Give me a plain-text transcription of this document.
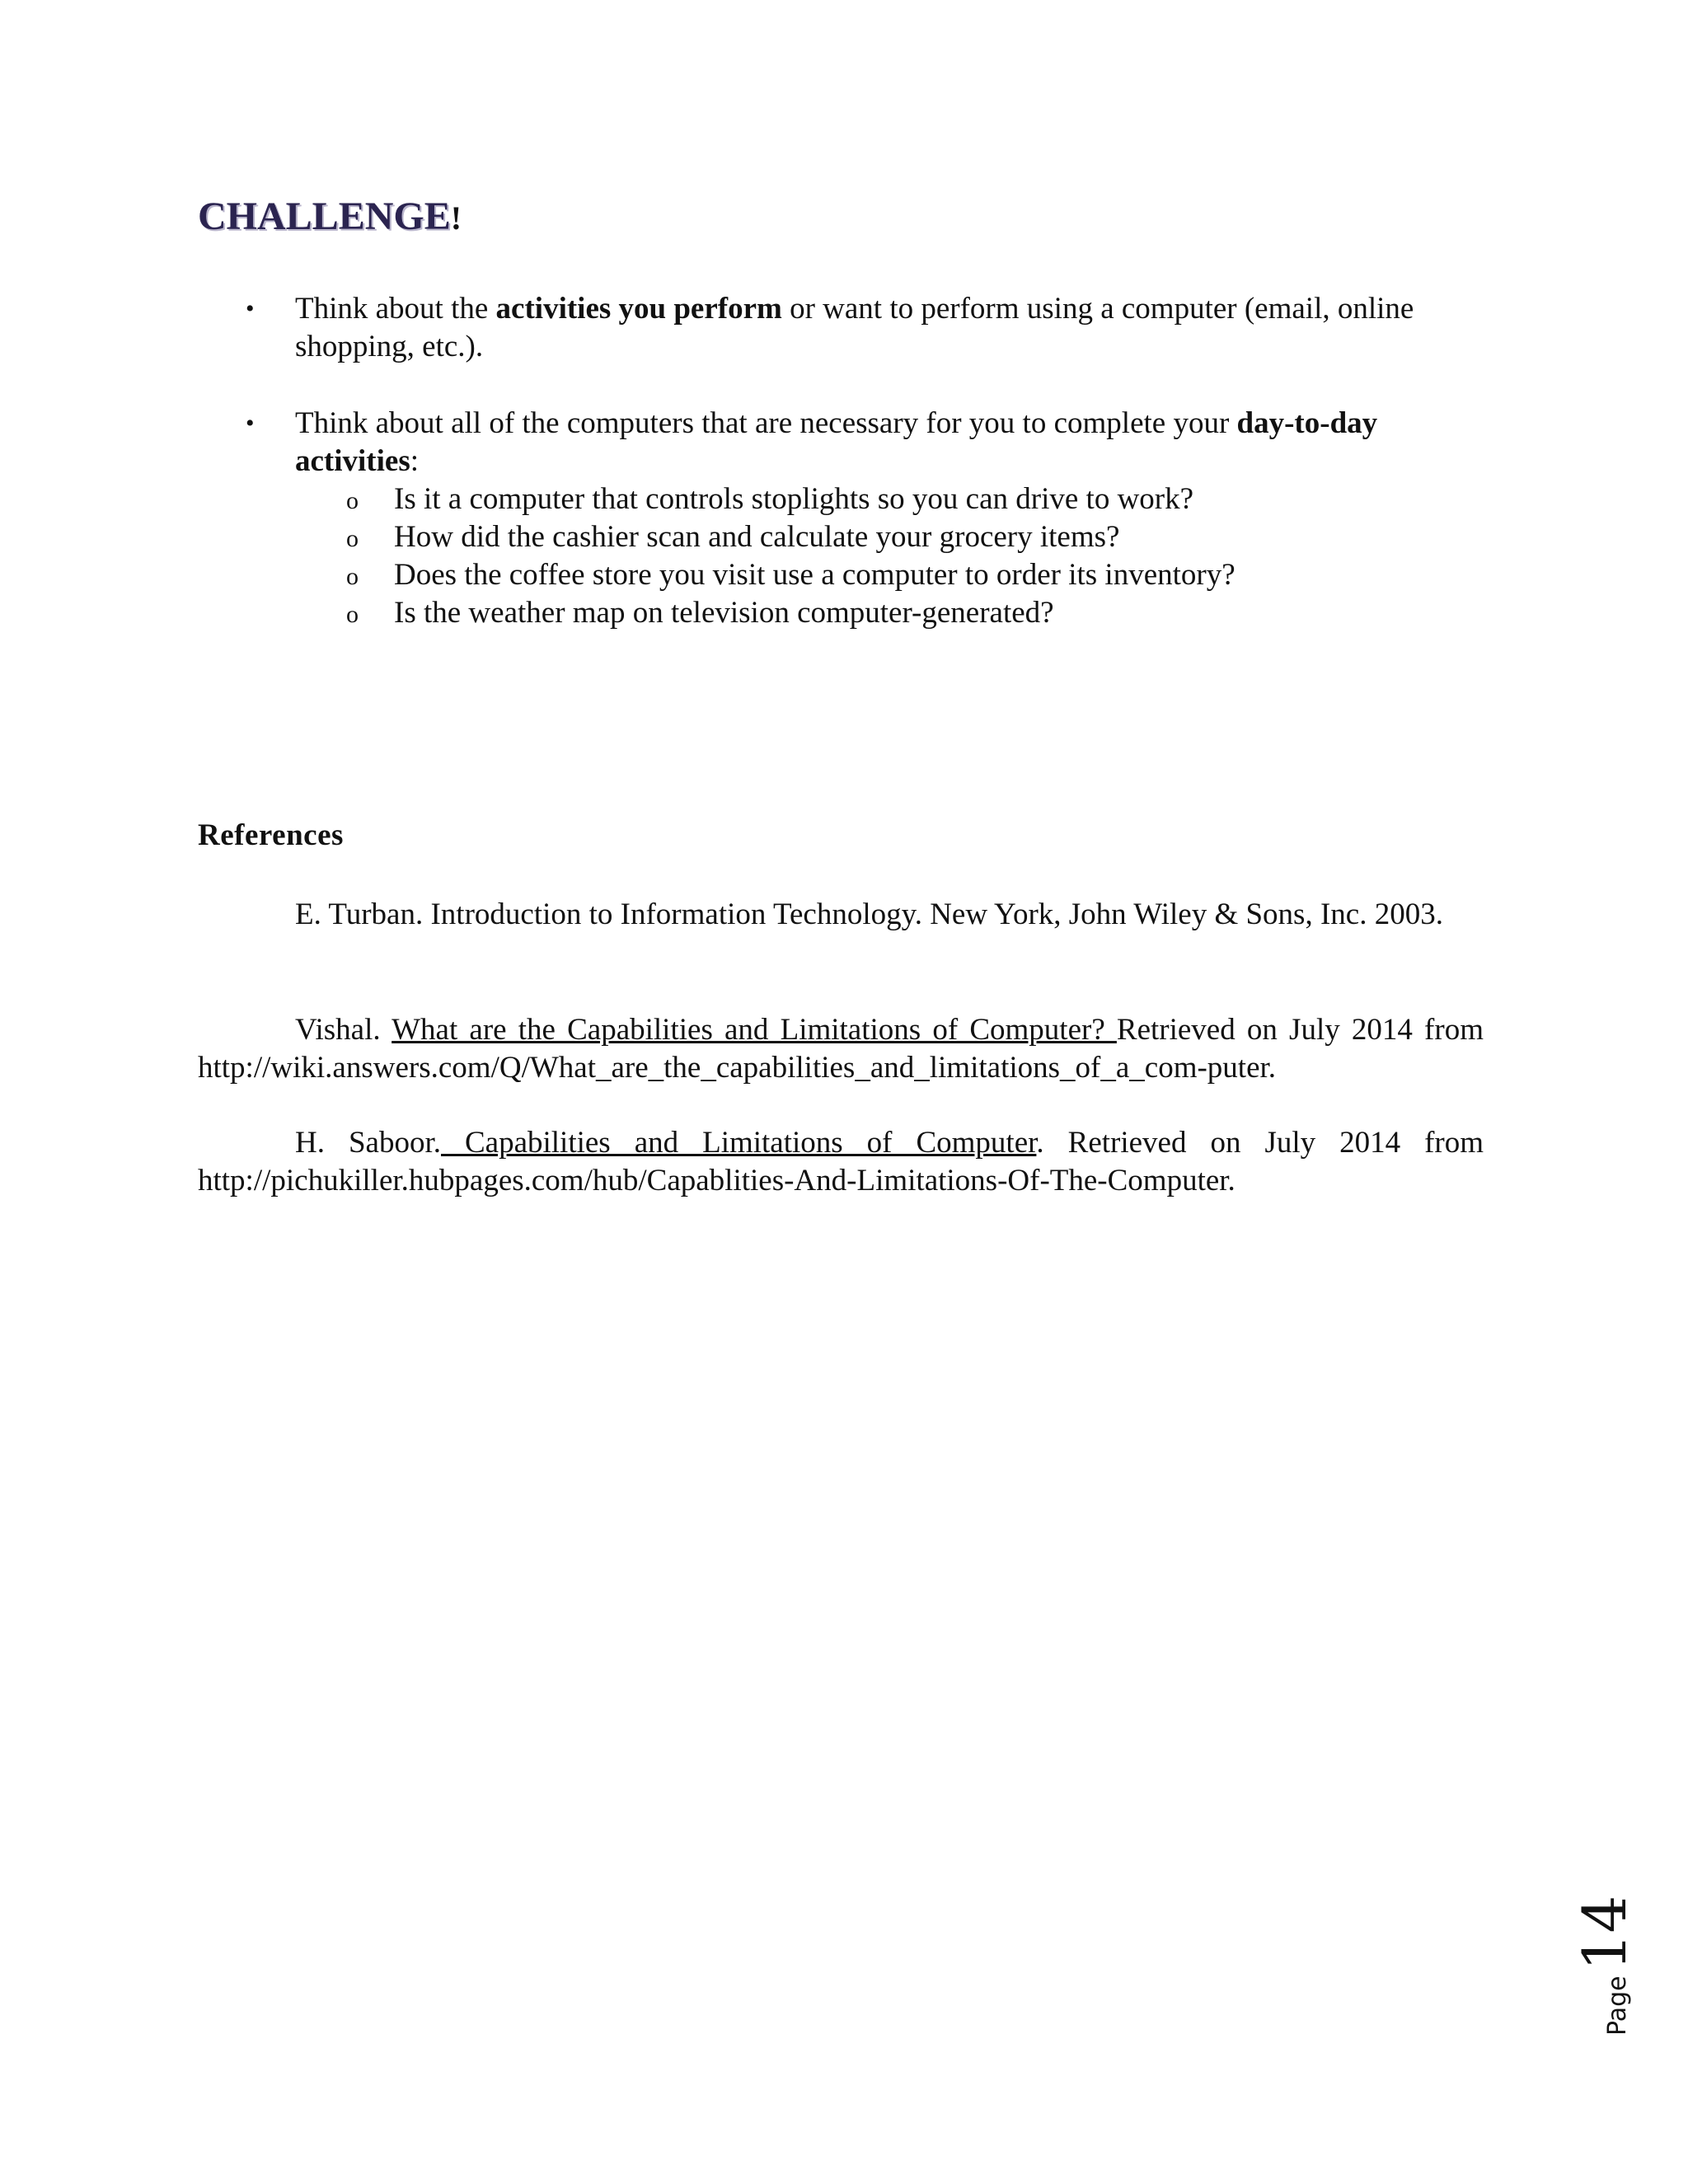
CHALLENGE!
• Think about the activities you perform or want to perform using a computer (email, online shopping, etc.).
• Think about all of the computers that are necessary for you to complete your day-to-day activities:
o Is it a computer that controls stoplights so you can drive to work?
o How did the cashier scan and calculate your grocery items?
o Does the coffee store you visit use a computer to order its inventory?
o Is the weather map on television computer-generated?
References
E. Turban. Introduction to Information Technology. New York, John Wiley & Sons, Inc. 2003.
Vishal. What are the Capabilities and Limitations of Computer? Retrieved on July 2014 from http://wiki.answers.com/Q/What_are_the_capabilities_and_limitations_of_a_com-puter.
H. Saboor. Capabilities and Limitations of Computer. Retrieved on July 2014 from http://pichukiller.hubpages.com/hub/Capablities-And-Limitations-Of-The-Computer.
Page14
